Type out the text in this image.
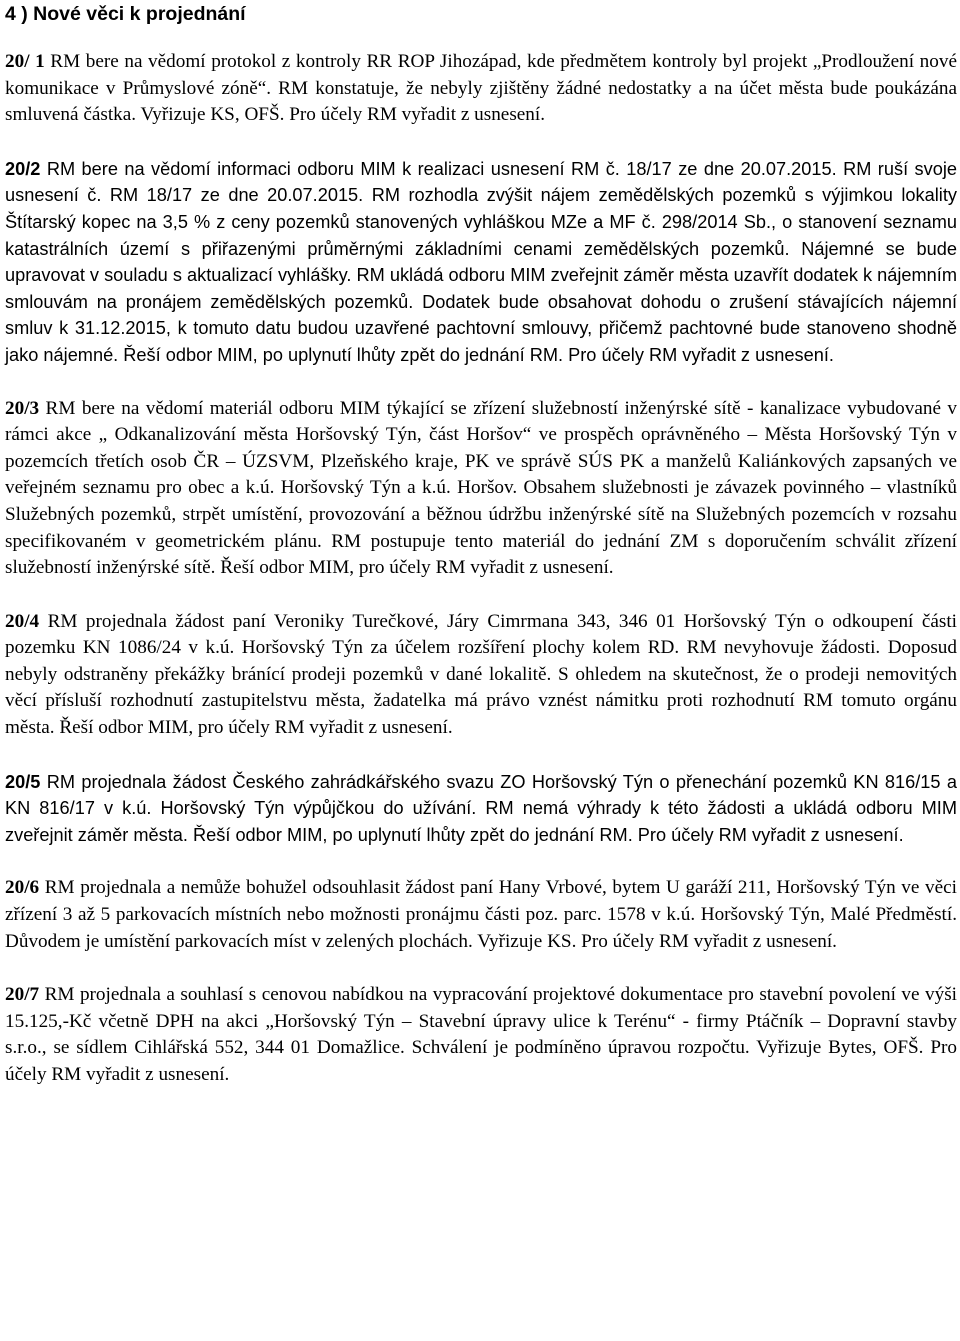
4 ) Nové věci k projednání

20/ 1 RM bere na vědomí protokol z kontroly RR ROP Jihozápad, kde předmětem kontroly byl projekt „Prodloužení nové komunikace v Průmyslové zóně“. RM konstatuje, že nebyly zjištěny žádné nedostatky a na účet města bude poukázána smluvená částka. Vyřizuje KS, OFŠ. Pro účely RM vyřadit z usnesení.

20/2 RM bere na vědomí informaci odboru MIM k realizaci usnesení RM č. 18/17 ze dne 20.07.2015. RM ruší svoje usnesení č. RM 18/17 ze dne 20.07.2015. RM rozhodla zvýšit nájem zemědělských pozemků s výjimkou lokality Štítarský kopec na 3,5 % z ceny pozemků stanovených vyhláškou MZe a MF č. 298/2014 Sb., o stanovení seznamu katastrálních území s přiřazenými průměrnými základními cenami zemědělských pozemků. Nájemné se bude upravovat v souladu s aktualizací vyhlášky. RM ukládá odboru MIM zveřejnit záměr města uzavřít dodatek k nájemním smlouvám na pronájem zemědělských pozemků. Dodatek bude obsahovat dohodu o zrušení stávajících nájemní smluv k 31.12.2015, k tomuto datu budou uzavřené pachtovní smlouvy, přičemž pachtovné bude stanoveno shodně jako nájemné. Řeší odbor MIM, po uplynutí lhůty zpět do jednání RM. Pro účely RM vyřadit z usnesení.

20/3 RM bere na vědomí materiál odboru MIM týkající se zřízení služebností inženýrské sítě - kanalizace vybudované v rámci akce „ Odkanalizování města Horšovský Týn, část Horšov“ ve prospěch oprávněného – Města Horšovský Týn v pozemcích třetích osob ČR – ÚZSVM, Plzeňského kraje, PK ve správě SÚS PK a manželů Kaliánkových zapsaných ve veřejném seznamu pro obec a k.ú. Horšovský Týn a k.ú. Horšov. Obsahem služebnosti je závazek povinného – vlastníků Služebných pozemků, strpět umístění, provozování a běžnou údržbu inženýrské sítě na Služebných pozemcích v rozsahu specifikovaném v geometrickém plánu. RM postupuje tento materiál do jednání ZM s doporučením schválit zřízení služebností inženýrské sítě. Řeší odbor MIM, pro účely RM vyřadit z usnesení.

20/4 RM projednala žádost paní Veroniky Turečkové, Járy Cimrmana 343, 346 01 Horšovský Týn o odkoupení části pozemku KN 1086/24 v k.ú. Horšovský Týn za účelem rozšíření plochy kolem RD. RM nevyhovuje žádosti. Doposud nebyly odstraněny překážky bránící prodeji pozemků v dané lokalitě. S ohledem na skutečnost, že o prodeji nemovitých věcí přísluší rozhodnutí zastupitelstvu města, žadatelka má právo vznést námitku proti rozhodnutí RM tomuto orgánu města. Řeší odbor MIM, pro účely RM vyřadit z usnesení.

20/5 RM projednala žádost Českého zahrádkářského svazu ZO Horšovský Týn o přenechání pozemků KN 816/15 a KN 816/17 v k.ú. Horšovský Týn výpůjčkou do užívání. RM nemá výhrady k této žádosti a ukládá odboru MIM zveřejnit záměr města. Řeší odbor MIM, po uplynutí lhůty zpět do jednání RM. Pro účely RM vyřadit z usnesení.

20/6 RM projednala a nemůže bohužel odsouhlasit žádost paní Hany Vrbové, bytem U garáží 211, Horšovský Týn ve věci zřízení 3 až 5 parkovacích místních nebo možnosti pronájmu části poz. parc. 1578 v k.ú. Horšovský Týn, Malé Předměstí. Důvodem je umístění parkovacích míst v zelených plochách. Vyřizuje KS. Pro účely RM vyřadit z usnesení.

20/7 RM projednala a souhlasí s cenovou nabídkou na vypracování projektové dokumentace pro stavební povolení ve výši 15.125,-Kč včetně DPH na akci „Horšovský Týn – Stavební úpravy ulice k Terénu“ - firmy Ptáčník – Dopravní stavby s.r.o., se sídlem Cihlářská 552, 344 01 Domažlice. Schválení je podmíněno úpravou rozpočtu. Vyřizuje Bytes, OFŠ. Pro účely RM vyřadit z usnesení.
